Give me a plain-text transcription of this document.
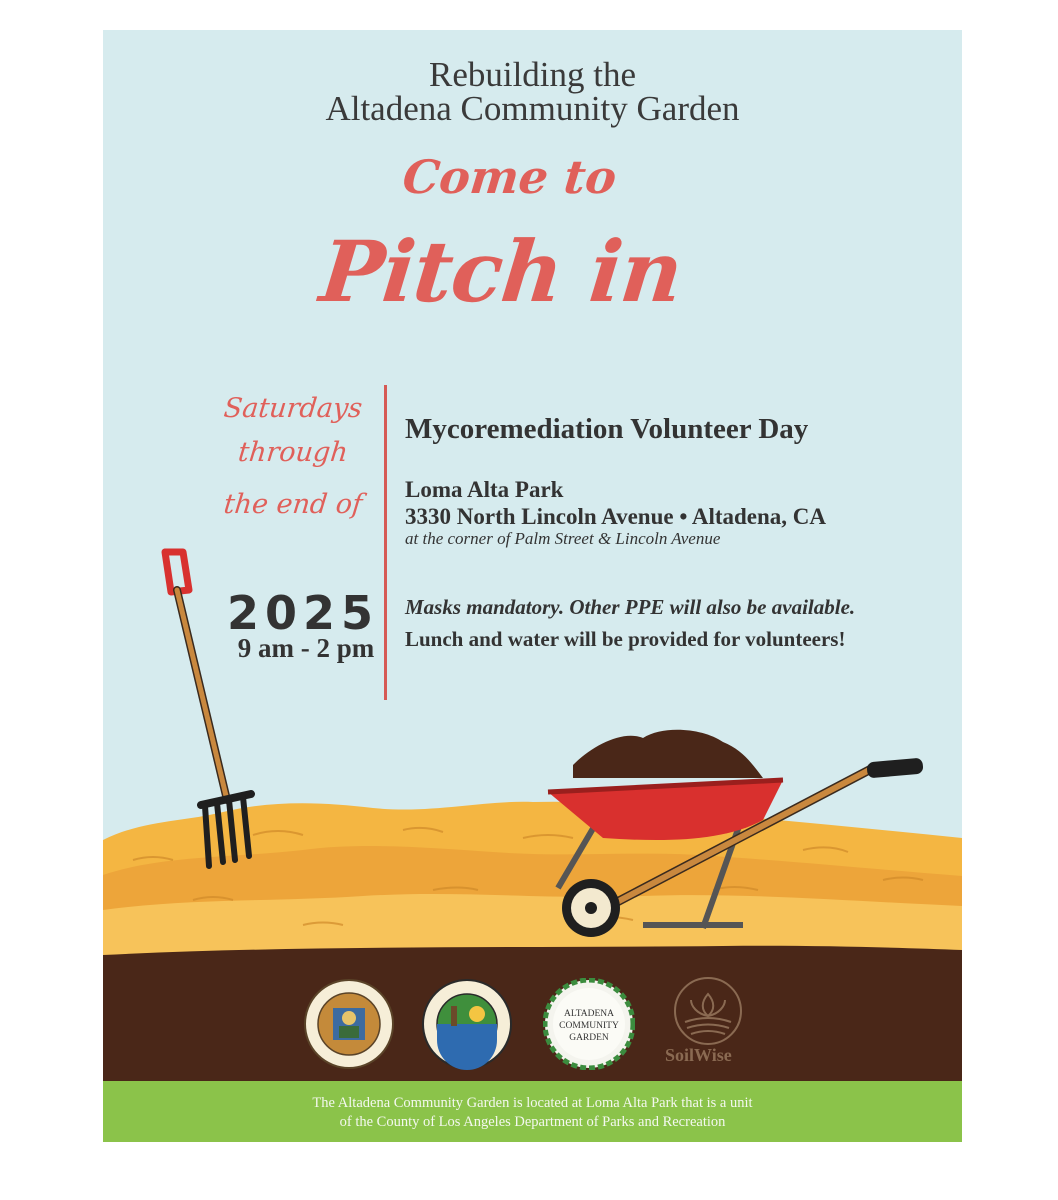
Rebuilding the
Altadena Community Garden
Come to
Pitch in
Saturdays
through
the end of
2025
9 am - 2 pm
Mycoremediation Volunteer Day
Loma Alta Park
3330 North Lincoln Avenue • Altadena, CA
at the corner of Palm Street & Lincoln Avenue
Masks mandatory. Other PPE will also be available.
Lunch and water will be provided for volunteers!
ALTADENA
COMMUNITY
GARDEN
SoilWise
The Altadena Community Garden is located at Loma Alta Park that is a unit
of the County of Los Angeles Department of Parks and Recreation
